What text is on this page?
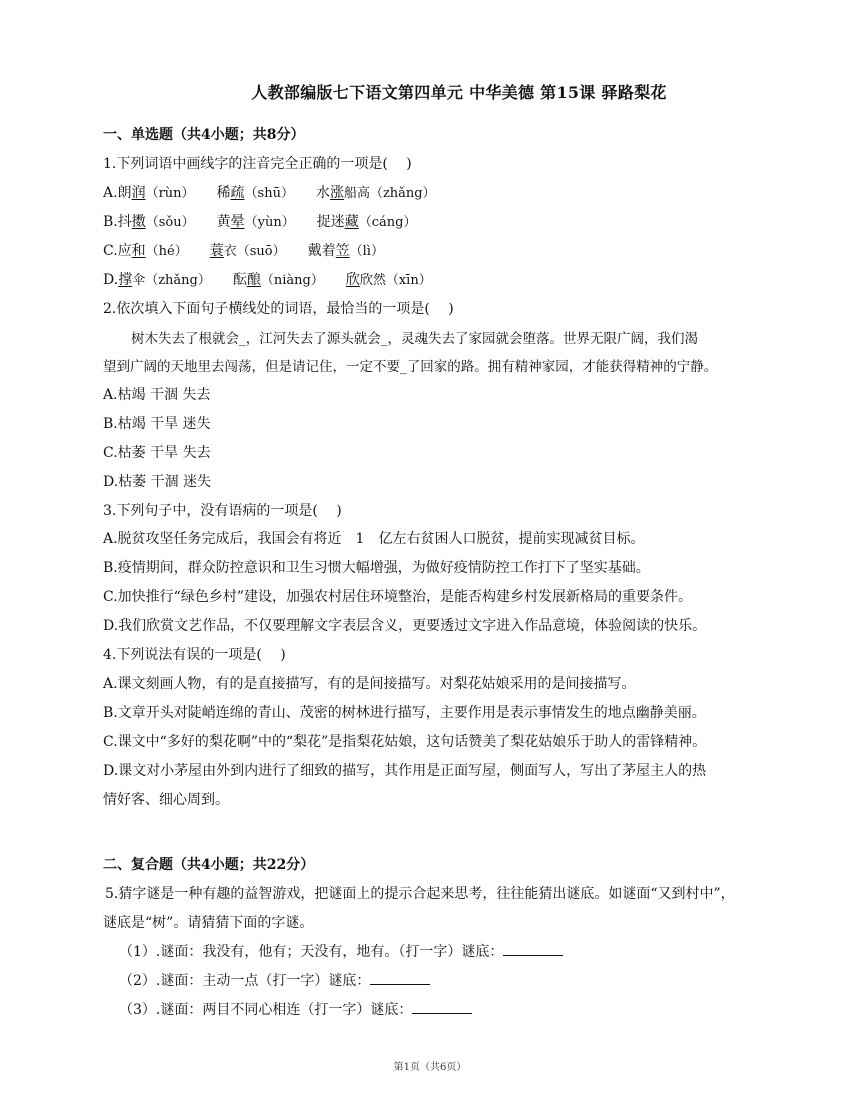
人教部编版七下语文第四单元 中华美德 第15课 驿路梨花
一、单选题（共4小题；共8分）
1.下列词语中画线字的注音完全正确的一项是(　 )
A.朗润（rùn） 稀疏（shū） 水涨船高（zhǎng）
B.抖擞（sǒu） 黄晕（yùn） 捉迷藏（cáng）
C.应和（hé） 蓑衣（suō） 戴着笠（lì）
D.撑伞（zhǎng） 酝酿（niàng） 欣欣然（xīn）
2.依次填入下面句子横线处的词语，最恰当的一项是(　 )
树木失去了根就会_，江河失去了源头就会_，灵魂失去了家园就会堕落。世界无限广阔，我们渴
望到广阔的天地里去闯荡，但是请记住，一定不要_了回家的路。拥有精神家园，才能获得精神的宁静。
A.枯竭 干涸 失去
B.枯竭 干旱 迷失
C.枯萎 干旱 失去
D.枯萎 干涸 迷失
3.下列句子中，没有语病的一项是(　 )
A.脱贫攻坚任务完成后，我国会有将近　1　亿左右贫困人口脱贫，提前实现减贫目标。
B.疫情期间，群众防控意识和卫生习惯大幅增强，为做好疫情防控工作打下了坚实基础。
C.加快推行“绿色乡村”建设，加强农村居住环境整治，是能否构建乡村发展新格局的重要条件。
D.我们欣赏文艺作品，不仅要理解文字表层含义，更要透过文字进入作品意境，体验阅读的快乐。
4.下列说法有误的一项是(　 )
A.课文刻画人物，有的是直接描写，有的是间接描写。对梨花姑娘采用的是间接描写。
B.文章开头对陡峭连绵的青山、茂密的树林进行描写，主要作用是表示事情发生的地点幽静美丽。
C.课文中“多好的梨花啊”中的“梨花”是指梨花姑娘，这句话赞美了梨花姑娘乐于助人的雷锋精神。
D.课文对小茅屋由外到内进行了细致的描写，其作用是正面写屋，侧面写人，写出了茅屋主人的热
情好客、细心周到。
二、复合题（共4小题；共22分）
5.猜字谜是一种有趣的益智游戏，把谜面上的提示合起来思考，往往能猜出谜底。如谜面“又到村中”，
谜底是“树”。请猜猜下面的字谜。
（1）.谜面：我没有，他有；天没有，地有。（打一字）谜底：
（2）.谜面：主动一点（打一字）谜底：
（3）.谜面：两目不同心相连（打一字）谜底：
第1页（共6页）
